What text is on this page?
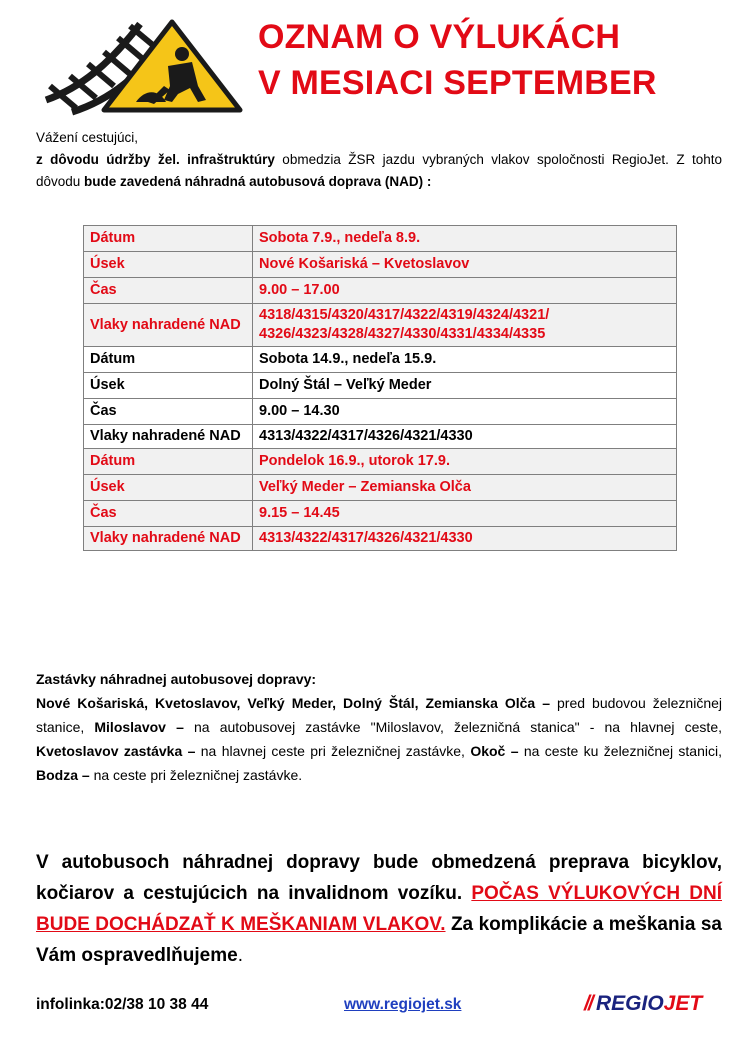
OZNAM O VÝLUKÁCH
V MESIACI SEPTEMBER

Vážení cestujúci,

z dôvodu údržby žel. infraštruktúry obmedzia ŽSR jazdu vybraných vlakov spoločnosti RegioJet. Z tohto dôvodu bude zavedená náhradná autobusová doprava (NAD) :

Dátum	Sobota 7.9., nedeľa 8.9.
Úsek	Nové Košariská – Kvetoslavov
Čas	9.00 – 17.00
Vlaky nahradené NAD	4318/4315/4320/4317/4322/4319/4324/4321/ 4326/4323/4328/4327/4330/4331/4334/4335
Dátum	Sobota 14.9., nedeľa 15.9.
Úsek	Dolný Štál – Veľký Meder
Čas	9.00 – 14.30
Vlaky nahradené NAD	4313/4322/4317/4326/4321/4330
Dátum	Pondelok 16.9., utorok 17.9.
Úsek	Veľký Meder – Zemianska Olča
Čas	9.15 – 14.45
Vlaky nahradené NAD	4313/4322/4317/4326/4321/4330

Zastávky náhradnej autobusovej dopravy:

Nové Košariská, Kvetoslavov, Veľký Meder, Dolný Štál, Zemianska Olča – pred budovou železničnej stanice, Miloslavov – na autobusovej zastávke "Miloslavov, železničná stanica" - na hlavnej ceste, Kvetoslavov zastávka – na hlavnej ceste pri železničnej zastávke, Okoč – na ceste ku železničnej stanici, Bodza – na ceste pri železničnej zastávke.

V autobusoch náhradnej dopravy bude obmedzená preprava bicyklov, kočiarov a cestujúcich na invalidnom vozíku. POČAS VÝLUKOVÝCH DNÍ BUDE DOCHÁDZAŤ K MEŠKANIAM VLAKOV. Za komplikácie a meškania sa Vám ospravedlňujeme.
infolinka:02/38 10 38 44	www.regiojet.sk	// REGIOJET
